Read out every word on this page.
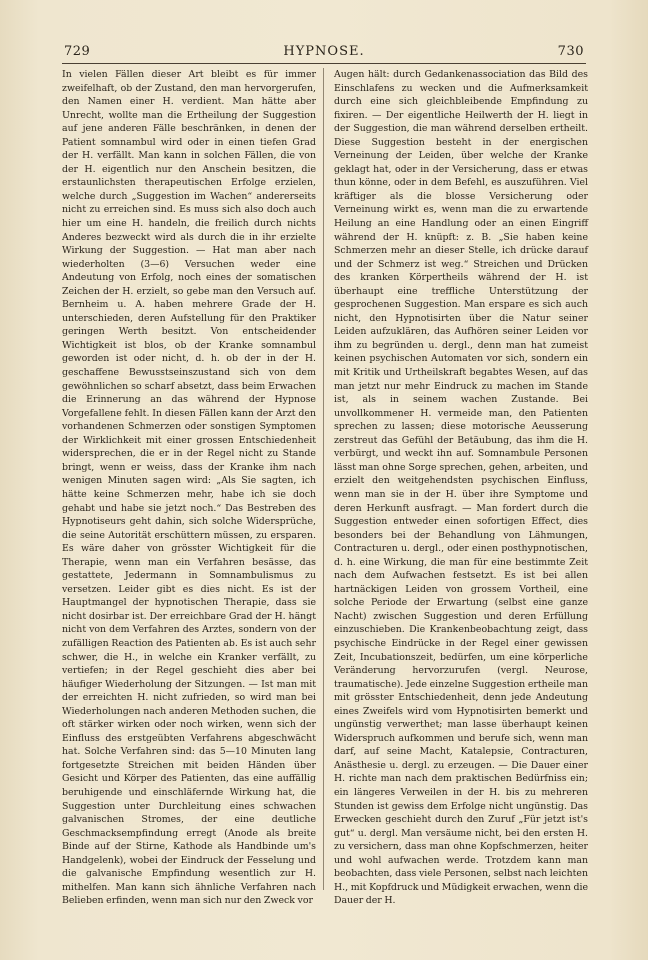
729	HYPNOSE.	730

In vielen Fällen dieser Art bleibt es für immer zweifelhaft, ob der Zustand, den man hervorgerufen, den Namen einer H. verdient. Man hätte aber Unrecht, wollte man die Ertheilung der Suggestion auf jene anderen Fälle beschränken, in denen der Patient somnambul wird oder in einen tiefen Grad der H. verfällt. Man kann in solchen Fällen, die von der H. eigentlich nur den Anschein besitzen, die erstaunlichsten therapeutischen Erfolge erzielen, welche durch „Suggestion im Wachen“ andererseits nicht zu erreichen sind. Es muss sich also doch auch hier um eine H. handeln, die freilich durch nichts Anderes bezweckt wird als durch die in ihr erzielte Wirkung der Suggestion. — Hat man aber nach wiederholten (3—6) Versuchen weder eine Andeutung von Erfolg, noch eines der somatischen Zeichen der H. erzielt, so gebe man den Versuch auf. Bernheim u. A. haben mehrere Grade der H. unterschieden, deren Aufstellung für den Praktiker geringen Werth besitzt. Von entscheidender Wichtigkeit ist blos, ob der Kranke somnambul geworden ist oder nicht, d. h. ob der in der H. geschaffene Bewusstseinszustand sich von dem gewöhnlichen so scharf absetzt, dass beim Erwachen die Erinnerung an das während der Hypnose Vorgefallene fehlt. In diesen Fällen kann der Arzt den vorhandenen Schmerzen oder sonstigen Symptomen der Wirklichkeit mit einer grossen Entschiedenheit widersprechen, die er in der Regel nicht zu Stande bringt, wenn er weiss, dass der Kranke ihm nach wenigen Minuten sagen wird: „Als Sie sagten, ich hätte keine Schmerzen mehr, habe ich sie doch gehabt und habe sie jetzt noch.“ Das Bestreben des Hypnotiseurs geht dahin, sich solche Widersprüche, die seine Autorität erschüttern müssen, zu ersparen. Es wäre daher von grösster Wichtigkeit für die Therapie, wenn man ein Verfahren besässe, das gestattete, Jedermann in Somnambulismus zu versetzen. Leider gibt es dies nicht. Es ist der Hauptmangel der hypnotischen Therapie, dass sie nicht dosirbar ist. Der erreichbare Grad der H. hängt nicht von dem Verfahren des Arztes, sondern von der zufälligen Reaction des Patienten ab. Es ist auch sehr schwer, die H., in welche ein Kranker verfällt, zu vertiefen; in der Regel geschieht dies aber bei häufiger Wiederholung der Sitzungen. — Ist man mit der erreichten H. nicht zufrieden, so wird man bei Wiederholungen nach anderen Methoden suchen, die oft stärker wirken oder noch wirken, wenn sich der Einfluss des erstgeübten Verfahrens abgeschwächt hat. Solche Verfahren sind: das 5—10 Minuten lang fortgesetzte Streichen mit beiden Händen über Gesicht und Körper des Patienten, das eine auffällig beruhigende und einschläfernde Wirkung hat, die Suggestion unter Durchleitung eines schwachen galvanischen Stromes, der eine deutliche Geschmacksempfindung erregt (Anode als breite Binde auf der Stirne, Kathode als Handbinde um's Handgelenk), wobei der Eindruck der Fesselung und die galvanische Empfindung wesentlich zur H. mithelfen. Man kann sich ähnliche Verfahren nach Belieben erfinden, wenn man sich nur den Zweck vor

Augen hält: durch Gedankenassociation das Bild des Einschlafens zu wecken und die Aufmerksamkeit durch eine sich gleichbleibende Empfindung zu fixiren. — Der eigentliche Heilwerth der H. liegt in der Suggestion, die man während derselben ertheilt. Diese Suggestion besteht in der energischen Verneinung der Leiden, über welche der Kranke geklagt hat, oder in der Versicherung, dass er etwas thun könne, oder in dem Befehl, es auszuführen. Viel kräftiger als die blosse Versicherung oder Verneinung wirkt es, wenn man die zu erwartende Heilung an eine Handlung oder an einen Eingriff während der H. knüpft: z. B. „Sie haben keine Schmerzen mehr an dieser Stelle, ich drücke darauf und der Schmerz ist weg.“ Streichen und Drücken des kranken Körpertheils während der H. ist überhaupt eine treffliche Unterstützung der gesprochenen Suggestion. Man erspare es sich auch nicht, den Hypnotisirten über die Natur seiner Leiden aufzuklären, das Aufhören seiner Leiden vor ihm zu begründen u. dergl., denn man hat zumeist keinen psychischen Automaten vor sich, sondern ein mit Kritik und Urtheilskraft begabtes Wesen, auf das man jetzt nur mehr Eindruck zu machen im Stande ist, als in seinem wachen Zustande. Bei unvollkommener H. vermeide man, den Patienten sprechen zu lassen; diese motorische Aeusserung zerstreut das Gefühl der Betäubung, das ihm die H. verbürgt, und weckt ihn auf. Somnambule Personen lässt man ohne Sorge sprechen, gehen, arbeiten, und erzielt den weitgehendsten psychischen Einfluss, wenn man sie in der H. über ihre Symptome und deren Herkunft ausfragt. — Man fordert durch die Suggestion entweder einen sofortigen Effect, dies besonders bei der Behandlung von Lähmungen, Contracturen u. dergl., oder einen posthypnotischen, d. h. eine Wirkung, die man für eine bestimmte Zeit nach dem Aufwachen festsetzt. Es ist bei allen hartnäckigen Leiden von grossem Vortheil, eine solche Periode der Erwartung (selbst eine ganze Nacht) zwischen Suggestion und deren Erfüllung einzuschieben. Die Krankenbeobachtung zeigt, dass psychische Eindrücke in der Regel einer gewissen Zeit, Incubationszeit, bedürfen, um eine körperliche Veränderung hervorzurufen (vergl. Neurose, traumatische). Jede einzelne Suggestion ertheile man mit grösster Entschiedenheit, denn jede Andeutung eines Zweifels wird vom Hypnotisirten bemerkt und ungünstig verwerthet; man lasse überhaupt keinen Widerspruch aufkommen und berufe sich, wenn man darf, auf seine Macht, Katalepsie, Contracturen, Anästhesie u. dergl. zu erzeugen. — Die Dauer einer H. richte man nach dem praktischen Bedürfniss ein; ein längeres Verweilen in der H. bis zu mehreren Stunden ist gewiss dem Erfolge nicht ungünstig. Das Erwecken geschieht durch den Zuruf „Für jetzt ist's gut“ u. dergl. Man versäume nicht, bei den ersten H. zu versichern, dass man ohne Kopfschmerzen, heiter und wohl aufwachen werde. Trotzdem kann man beobachten, dass viele Personen, selbst nach leichten H., mit Kopfdruck und Müdigkeit erwachen, wenn die Dauer der H.
